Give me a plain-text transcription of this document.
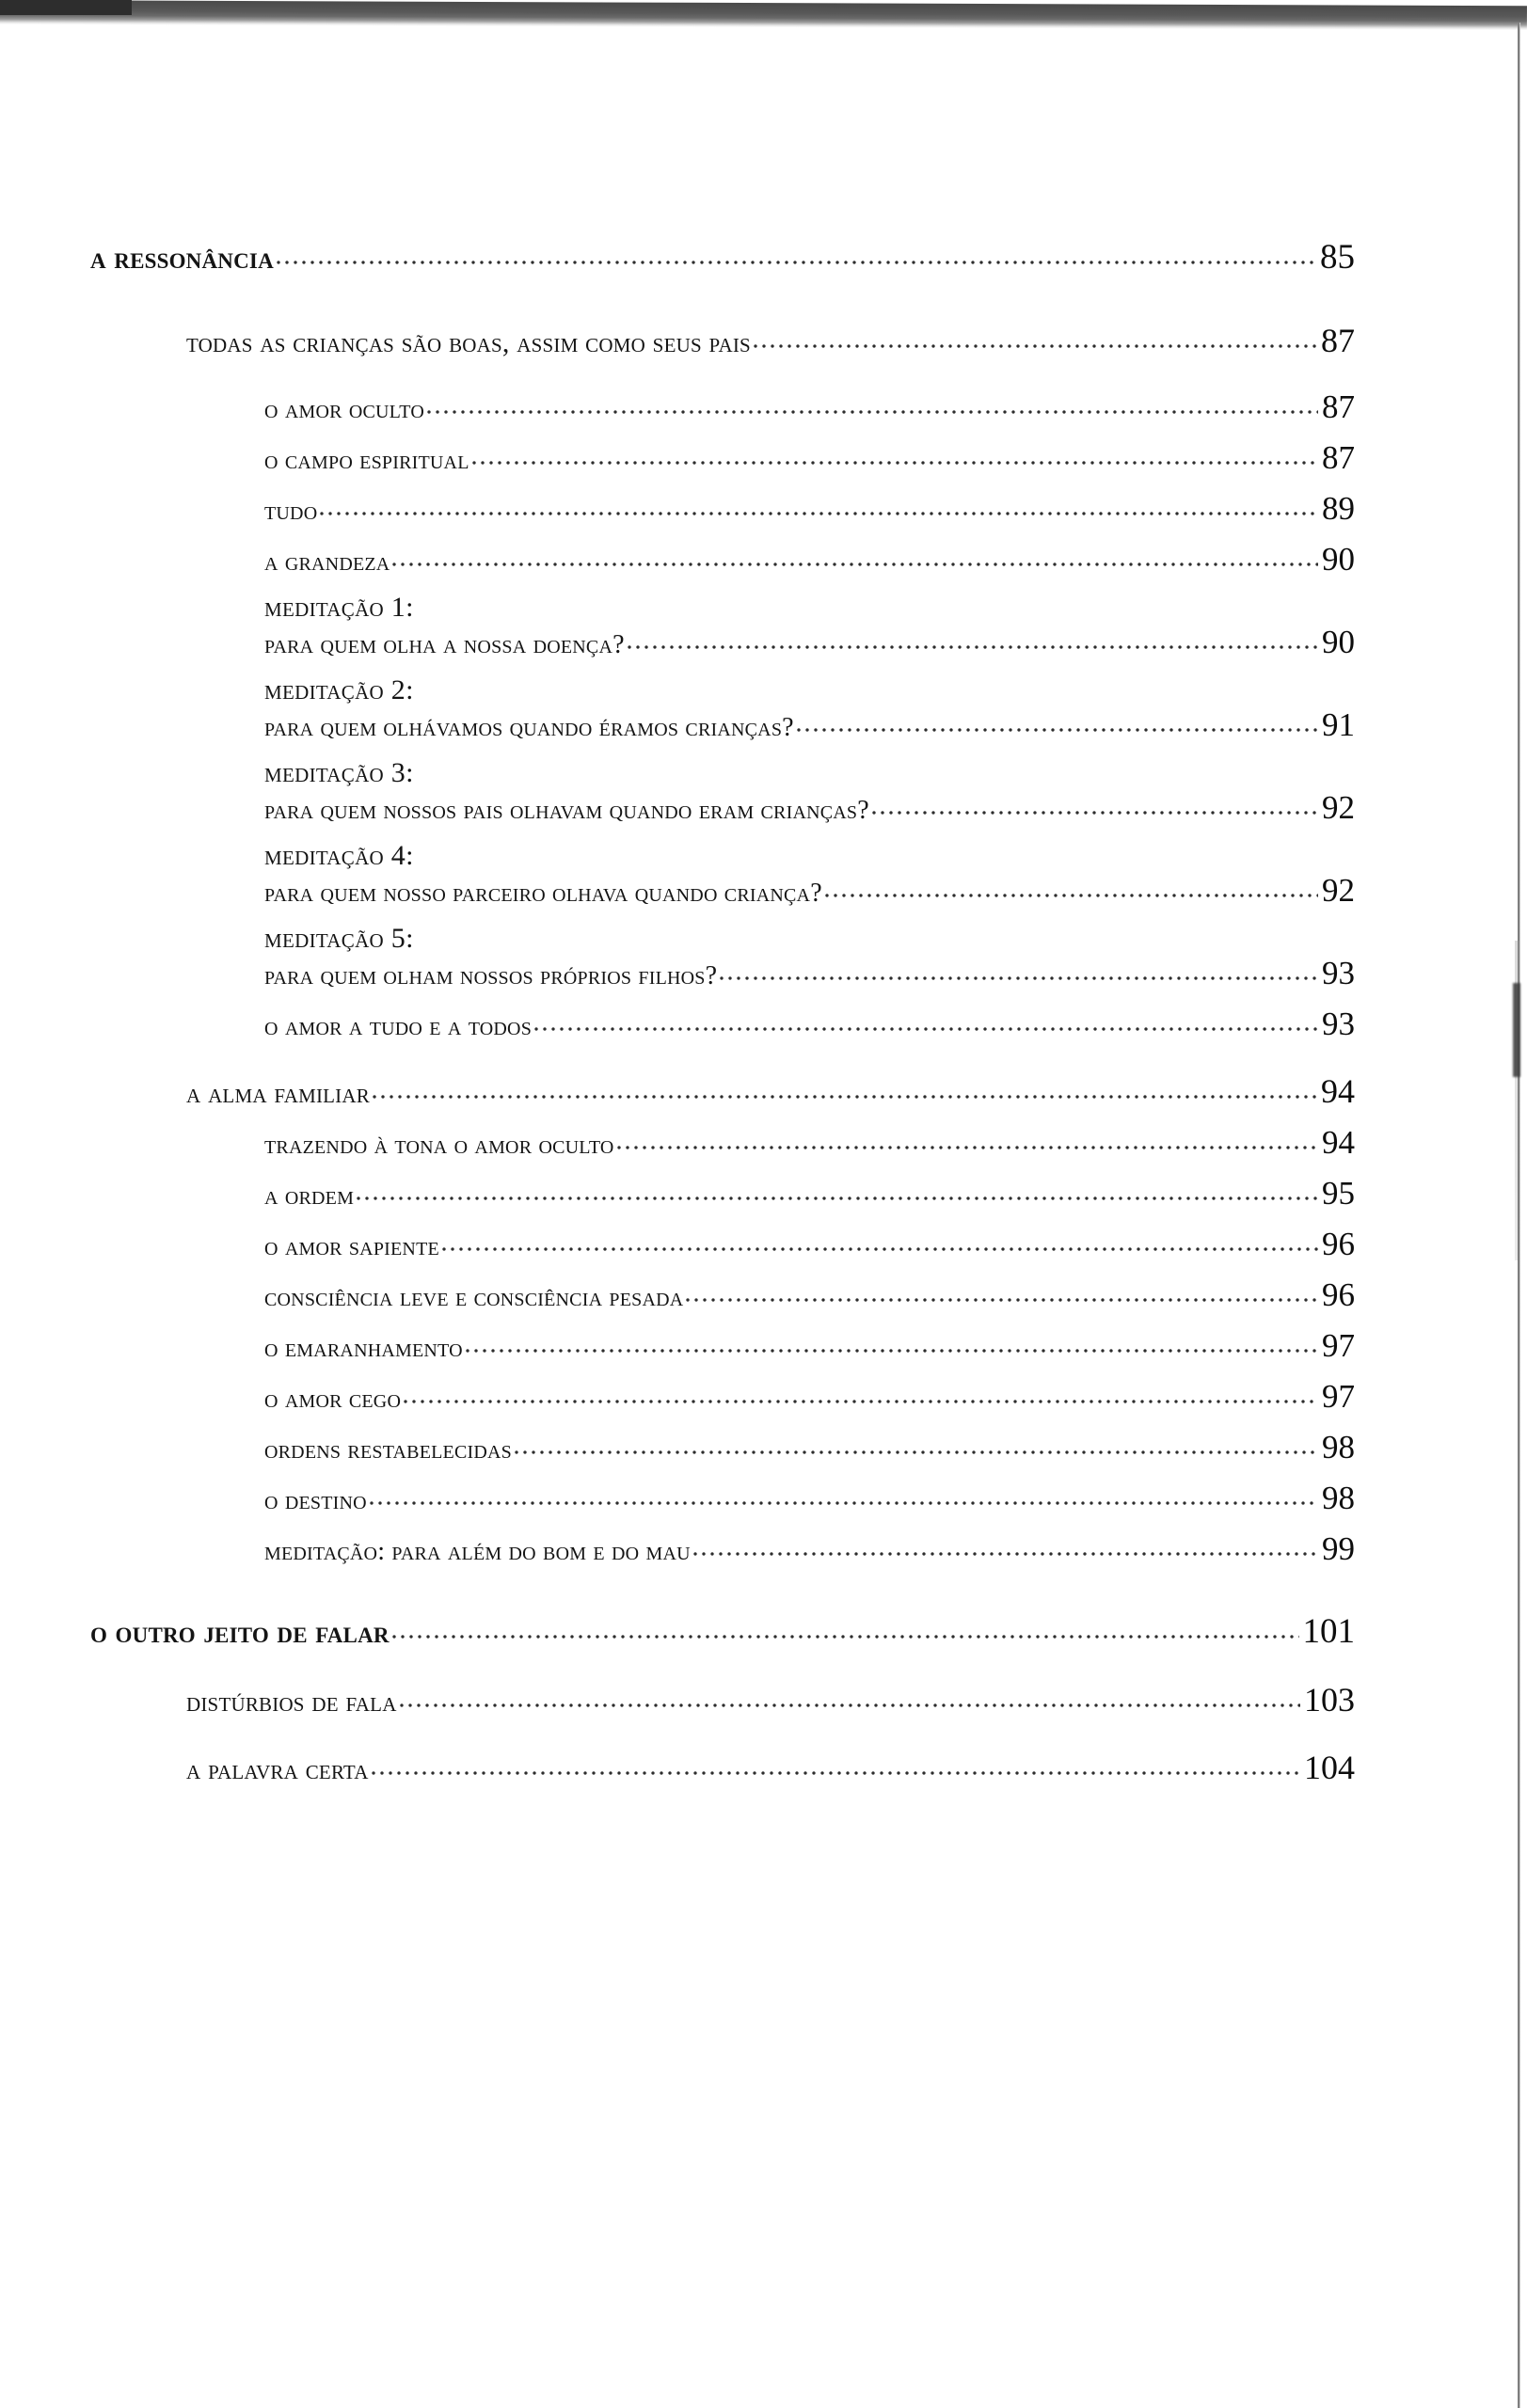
a ressonância	85
todas as crianças são boas, assim como seus pais	87
o amor oculto	87
o campo espiritual	87
tudo	89
a grandeza	90
meditação 1:
para quem olha a nossa doença?	90
meditação 2:
para quem olhávamos quando éramos crianças?	91
meditação 3:
para quem nossos pais olhavam quando eram crianças?	92
meditação 4:
para quem nosso parceiro olhava quando criança?	92
meditação 5:
para quem olham nossos próprios filhos?	93
o amor a tudo e a todos	93
a alma familiar	94
trazendo à tona o amor oculto	94
a ordem	95
o amor sapiente	96
consciência leve e consciência pesada	96
o emaranhamento	97
o amor cego	97
ordens restabelecidas	98
o destino	98
meditação: para além do bom e do mau	99
o outro jeito de falar	101
distúrbios de fala	103
a palavra certa	104
